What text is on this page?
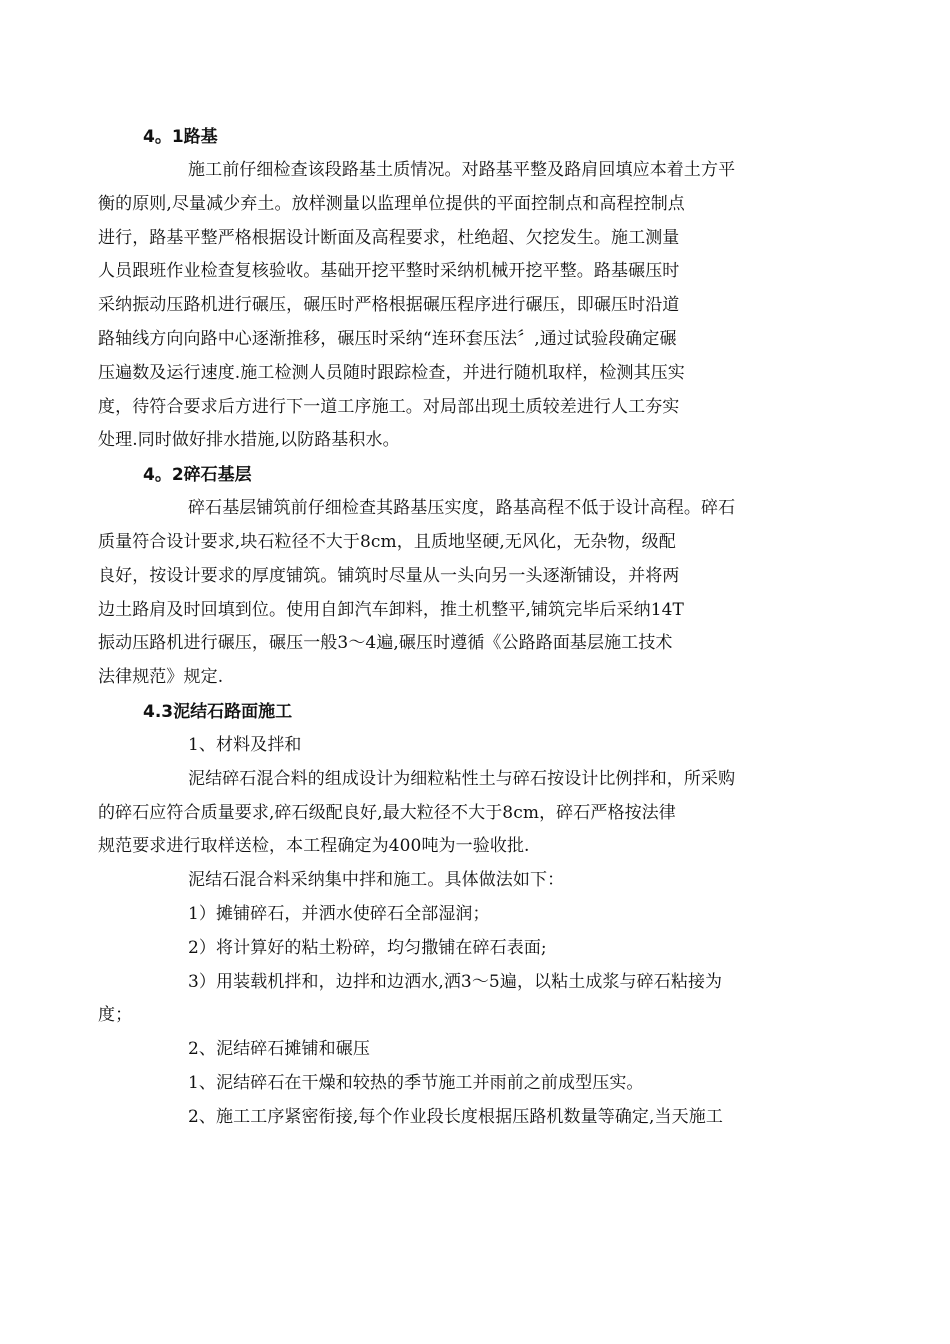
4。1路基

施工前仔细检查该段路基土质情况。对路基平整及路肩回填应本着土方平
衡的原则,尽量减少弃土。放样测量以监理单位提供的平面控制点和高程控制点
进行，路基平整严格根据设计断面及高程要求，杜绝超、欠挖发生。施工测量
人员跟班作业检查复核验收。基础开挖平整时采纳机械开挖平整。路基碾压时
采纳振动压路机进行碾压，碾压时严格根据碾压程序进行碾压，即碾压时沿道
路轴线方向向路中心逐渐推移，碾压时采纳“连环套压法〞,通过试验段确定碾
压遍数及运行速度.施工检测人员随时跟踪检查，并进行随机取样，检测其压实
度，待符合要求后方进行下一道工序施工。对局部出现土质较差进行人工夯实
处理.同时做好排水措施,以防路基积水。

4。2碎石基层

碎石基层铺筑前仔细检查其路基压实度，路基高程不低于设计高程。碎石
质量符合设计要求,块石粒径不大于8cm，且质地坚硬,无风化，无杂物，级配
良好，按设计要求的厚度铺筑。铺筑时尽量从一头向另一头逐渐铺设，并将两
边土路肩及时回填到位。使用自卸汽车卸料，推土机整平,铺筑完毕后采纳14T
振动压路机进行碾压，碾压一般3～4遍,碾压时遵循《公路路面基层施工技术
法律规范》规定.

4.3泥结石路面施工

1、材料及拌和

泥结碎石混合料的组成设计为细粒粘性土与碎石按设计比例拌和，所采购
的碎石应符合质量要求,碎石级配良好,最大粒径不大于8cm，碎石严格按法律
规范要求进行取样送检，本工程确定为400吨为一验收批.

泥结石混合料采纳集中拌和施工。具体做法如下：

1）摊铺碎石，并洒水使碎石全部湿润；

2）将计算好的粘土粉碎，均匀撒铺在碎石表面;

3）用装载机拌和，边拌和边洒水,洒3～5遍，以粘土成浆与碎石粘接为
度；

2、泥结碎石摊铺和碾压

1、泥结碎石在干燥和较热的季节施工并雨前之前成型压实。

2、施工工序紧密衔接,每个作业段长度根据压路机数量等确定,当天施工
